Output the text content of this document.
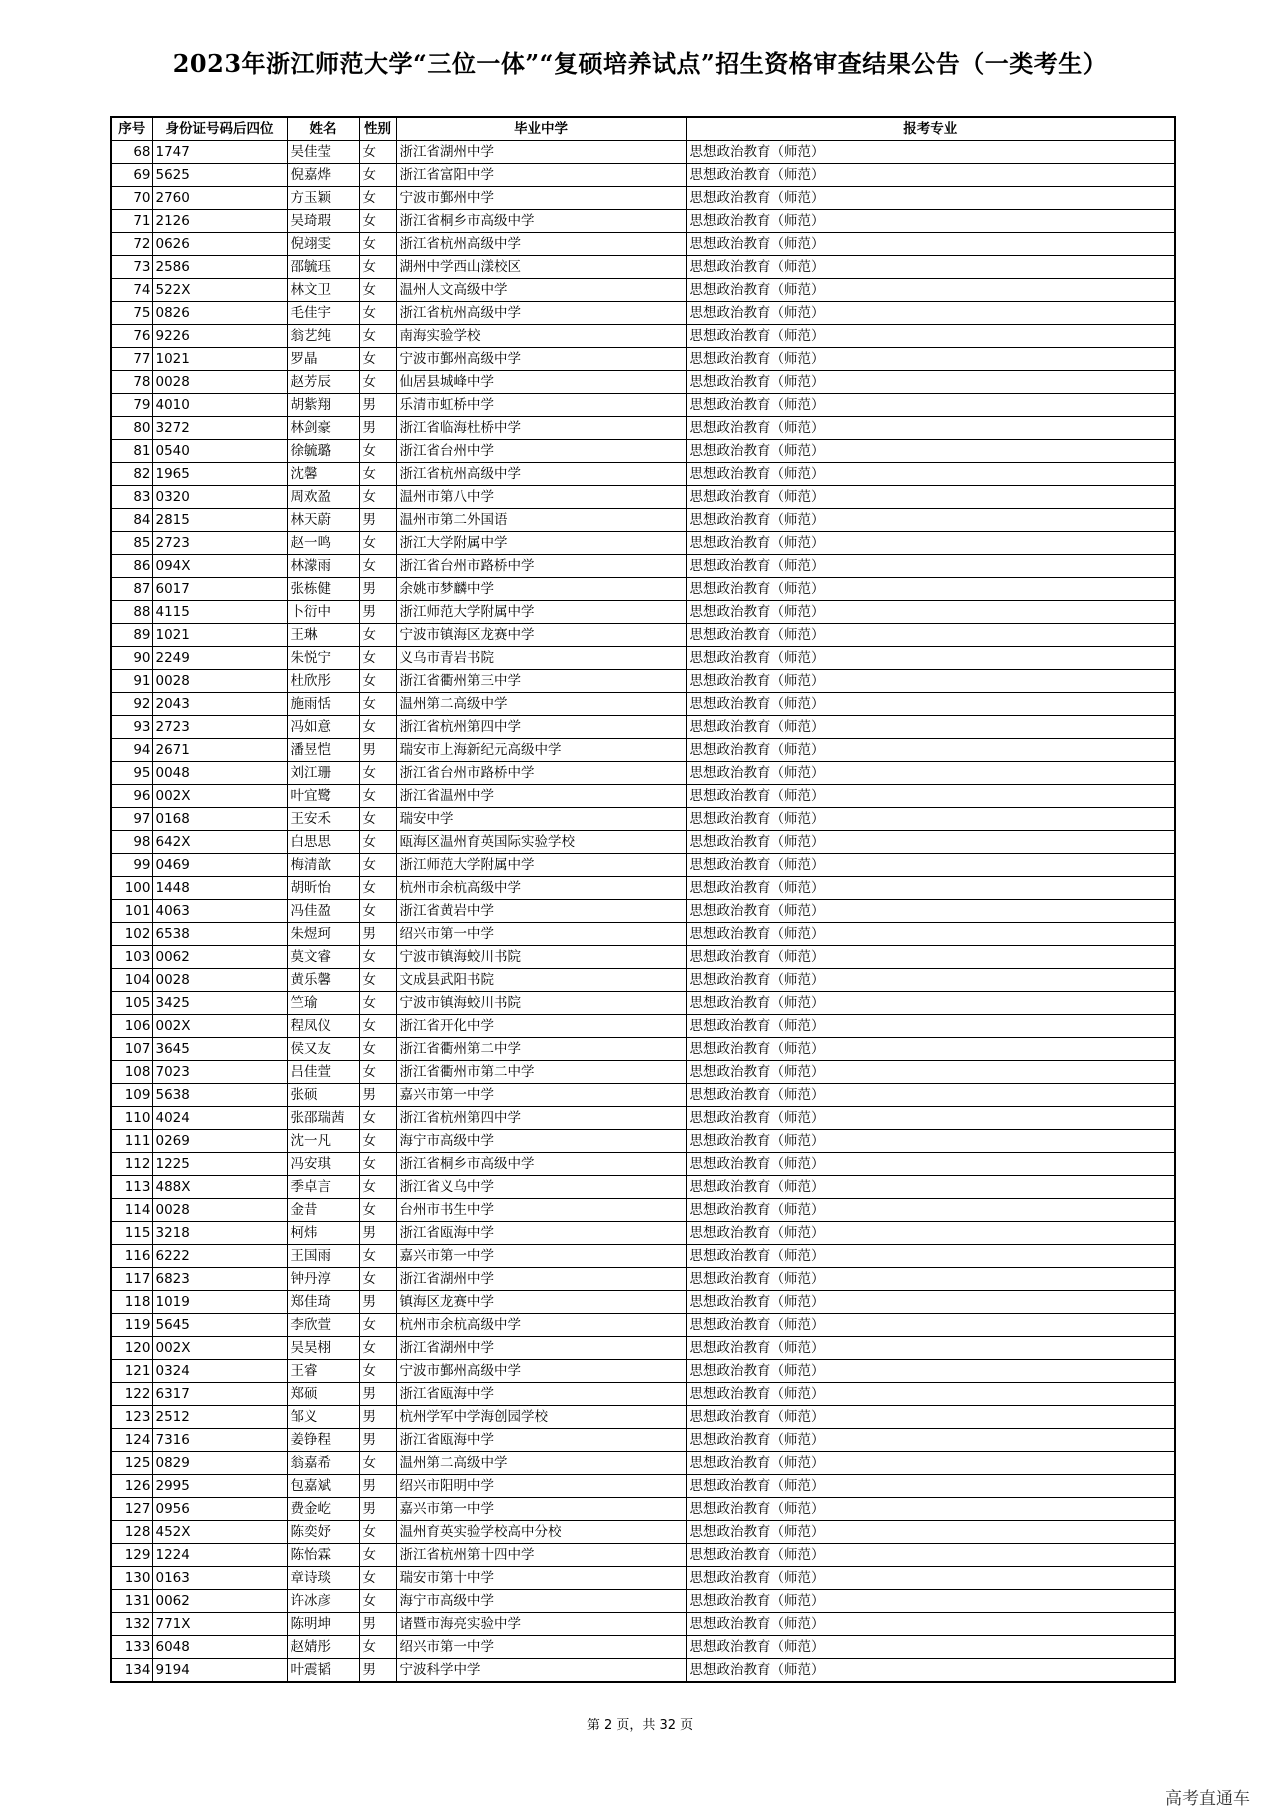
2023年浙江师范大学“三位一体”“复硕培养试点”招生资格审查结果公告（一类考生）
序号	身份证号码后四位	姓名	性别	毕业中学	报考专业
68	1747	吴佳莹	女	浙江省湖州中学	思想政治教育（师范）
69	5625	倪嘉烨	女	浙江省富阳中学	思想政治教育（师范）
70	2760	方玉颖	女	宁波市鄞州中学	思想政治教育（师范）
71	2126	吴琦瑕	女	浙江省桐乡市高级中学	思想政治教育（师范）
72	0626	倪翊雯	女	浙江省杭州高级中学	思想政治教育（师范）
73	2586	邵毓珏	女	湖州中学西山漾校区	思想政治教育（师范）
74	522X	林文卫	女	温州人文高级中学	思想政治教育（师范）
75	0826	毛佳宇	女	浙江省杭州高级中学	思想政治教育（师范）
76	9226	翁艺纯	女	南海实验学校	思想政治教育（师范）
77	1021	罗晶	女	宁波市鄞州高级中学	思想政治教育（师范）
78	0028	赵芳辰	女	仙居县城峰中学	思想政治教育（师范）
79	4010	胡紫翔	男	乐清市虹桥中学	思想政治教育（师范）
80	3272	林剑豪	男	浙江省临海杜桥中学	思想政治教育（师范）
81	0540	徐毓璐	女	浙江省台州中学	思想政治教育（师范）
82	1965	沈馨	女	浙江省杭州高级中学	思想政治教育（师范）
83	0320	周欢盈	女	温州市第八中学	思想政治教育（师范）
84	2815	林天蔚	男	温州市第二外国语	思想政治教育（师范）
85	2723	赵一鸣	女	浙江大学附属中学	思想政治教育（师范）
86	094X	林濛雨	女	浙江省台州市路桥中学	思想政治教育（师范）
87	6017	张栋健	男	余姚市梦麟中学	思想政治教育（师范）
88	4115	卜衍中	男	浙江师范大学附属中学	思想政治教育（师范）
89	1021	王琳	女	宁波市镇海区龙赛中学	思想政治教育（师范）
90	2249	朱悦宁	女	义乌市青岩书院	思想政治教育（师范）
91	0028	杜欣彤	女	浙江省衢州第三中学	思想政治教育（师范）
92	2043	施雨恬	女	温州第二高级中学	思想政治教育（师范）
93	2723	冯如意	女	浙江省杭州第四中学	思想政治教育（师范）
94	2671	潘昱恺	男	瑞安市上海新纪元高级中学	思想政治教育（师范）
95	0048	刘江珊	女	浙江省台州市路桥中学	思想政治教育（师范）
96	002X	叶宜鹭	女	浙江省温州中学	思想政治教育（师范）
97	0168	王安禾	女	瑞安中学	思想政治教育（师范）
98	642X	白思思	女	瓯海区温州育英国际实验学校	思想政治教育（师范）
99	0469	梅清歆	女	浙江师范大学附属中学	思想政治教育（师范）
100	1448	胡昕怡	女	杭州市余杭高级中学	思想政治教育（师范）
101	4063	冯佳盈	女	浙江省黄岩中学	思想政治教育（师范）
102	6538	朱煜珂	男	绍兴市第一中学	思想政治教育（师范）
103	0062	莫文睿	女	宁波市镇海蛟川书院	思想政治教育（师范）
104	0028	黄乐馨	女	文成县武阳书院	思想政治教育（师范）
105	3425	竺瑜	女	宁波市镇海蛟川书院	思想政治教育（师范）
106	002X	程凤仪	女	浙江省开化中学	思想政治教育（师范）
107	3645	侯又友	女	浙江省衢州第二中学	思想政治教育（师范）
108	7023	吕佳萱	女	浙江省衢州市第二中学	思想政治教育（师范）
109	5638	张硕	男	嘉兴市第一中学	思想政治教育（师范）
110	4024	张邵瑞茜	女	浙江省杭州第四中学	思想政治教育（师范）
111	0269	沈一凡	女	海宁市高级中学	思想政治教育（师范）
112	1225	冯安琪	女	浙江省桐乡市高级中学	思想政治教育（师范）
113	488X	季卓言	女	浙江省义乌中学	思想政治教育（师范）
114	0028	金昔	女	台州市书生中学	思想政治教育（师范）
115	3218	柯炜	男	浙江省瓯海中学	思想政治教育（师范）
116	6222	王国雨	女	嘉兴市第一中学	思想政治教育（师范）
117	6823	钟丹淳	女	浙江省湖州中学	思想政治教育（师范）
118	1019	郑佳琦	男	镇海区龙赛中学	思想政治教育（师范）
119	5645	李欣萱	女	杭州市余杭高级中学	思想政治教育（师范）
120	002X	吴昊栩	女	浙江省湖州中学	思想政治教育（师范）
121	0324	王睿	女	宁波市鄞州高级中学	思想政治教育（师范）
122	6317	郑硕	男	浙江省瓯海中学	思想政治教育（师范）
123	2512	邹义	男	杭州学军中学海创园学校	思想政治教育（师范）
124	7316	姜铮程	男	浙江省瓯海中学	思想政治教育（师范）
125	0829	翁嘉希	女	温州第二高级中学	思想政治教育（师范）
126	2995	包嘉斌	男	绍兴市阳明中学	思想政治教育（师范）
127	0956	费金屹	男	嘉兴市第一中学	思想政治教育（师范）
128	452X	陈奕妤	女	温州育英实验学校高中分校	思想政治教育（师范）
129	1224	陈怡霖	女	浙江省杭州第十四中学	思想政治教育（师范）
130	0163	章诗琰	女	瑞安市第十中学	思想政治教育（师范）
131	0062	许冰彦	女	海宁市高级中学	思想政治教育（师范）
132	771X	陈明坤	男	诸暨市海亮实验中学	思想政治教育（师范）
133	6048	赵婧彤	女	绍兴市第一中学	思想政治教育（师范）
134	9194	叶震韬	男	宁波科学中学	思想政治教育（师范）
第 2 页，共 32 页
高考直通车
